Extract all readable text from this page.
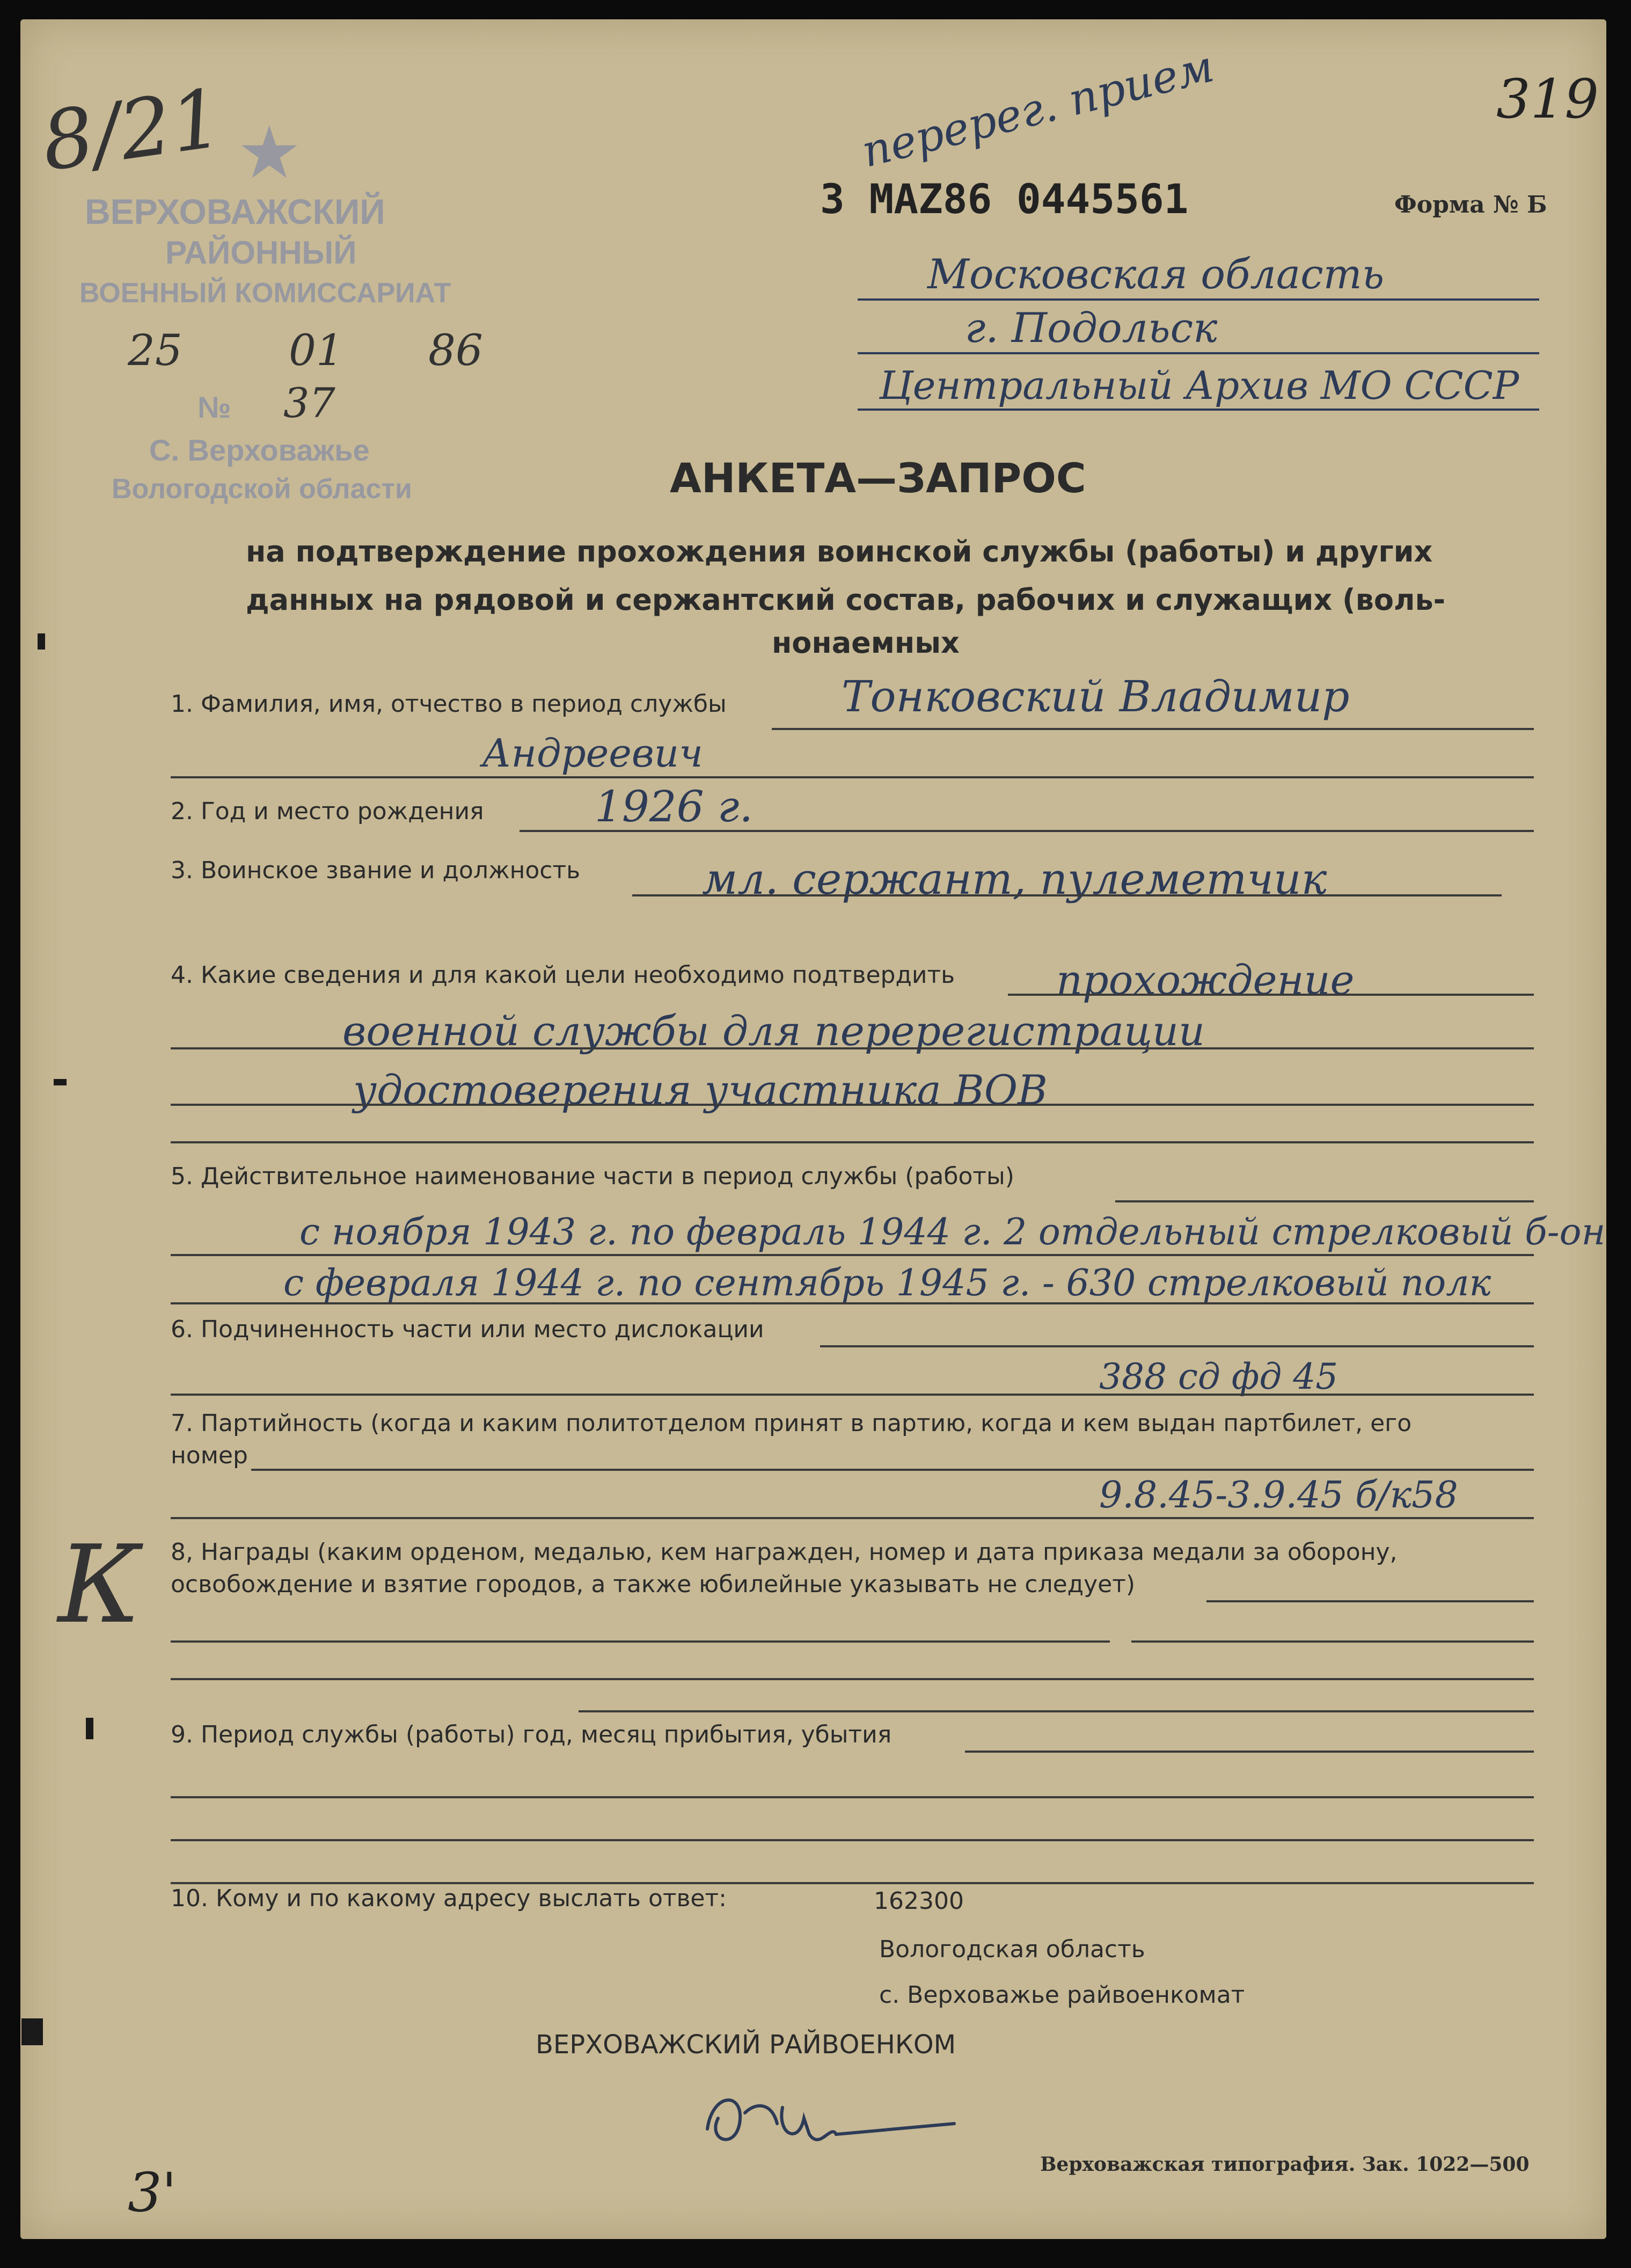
8/21 ★
ВЕРХОВАЖСКИЙ
РАЙОННЫЙ
ВОЕННЫЙ КОМИССАРИАТ
25 01 86
№ 37
С. Верховажье
Вологодской области
перерег. прием	319
3 MAZ86 0445561	Форма № Б
Московская область
г. Подольск
Центральный Архив МО СССР
АНКЕТА—ЗАПРОС
на подтверждение прохождения воинской службы (работы) и других
данных на рядовой и сержантский состав, рабочих и служащих (воль-
нонаемных
1. Фамилия, имя, отчество в период службы	Тонковский Владимир
Андреевич
2. Год и место рождения	1926 г.
3. Воинское звание и должность	мл. сержант, пулеметчик
4. Какие сведения и для какой цели необходимо подтвердить прохождение
военной службы для перерегистрации
удостоверения участника ВОВ
5. Действительное наименование части в период службы (работы)
с ноября 1943 г. по февраль 1944 г. 2 отдельный стрелковый б-он
с февраля 1944 г. по сентябрь 1945 г. - 630 стрелковый полк
6. Подчиненность части или место дислокации
388 сд фд 45
7. Партийность (когда и каким политотделом принят в партию, когда и кем выдан партбилет, его
номер
9.8.45-3.9.45 б/к58
К 8, Награды (каким орденом, медалью, кем награжден, номер и дата приказа медали за оборону,
освобождение и взятие городов, а также юбилейные указывать не следует)
9. Период службы (работы) год, месяц прибытия, убытия
10. Кому и по какому адресу выслать ответ:	162300
Вологодская область
с. Верховажье райвоенкомат
ВЕРХОВАЖСКИЙ РАЙВОЕНКОМ
Верховажская типография. Зак. 1022—500
3'
